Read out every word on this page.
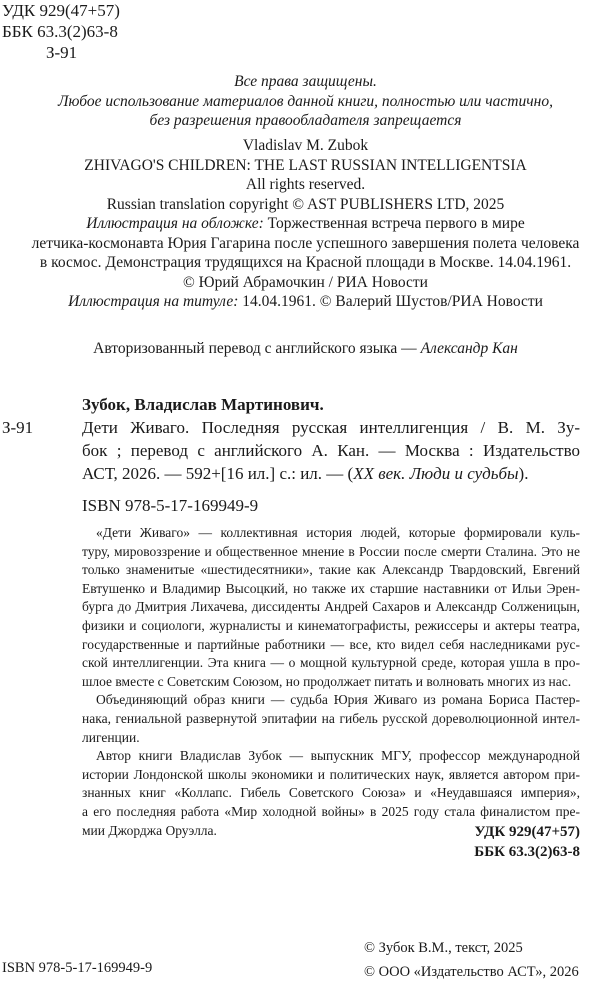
УДК 929(47+57)
ББК 63.3(2)63-8
З-91
Все права защищены.
Любое использование материалов данной книги, полностью или частично,
без разрешения правообладателя запрещается
Vladislav M. Zubok
ZHIVAGO'S CHILDREN: THE LAST RUSSIAN INTELLIGENTSIA
All rights reserved.
Russian translation copyright © AST PUBLISHERS LTD, 2025
Иллюстрация на обложке: Торжественная встреча первого в мире
летчика-космонавта Юрия Гагарина после успешного завершения полета человека
в космос. Демонстрация трудящихся на Красной площади в Москве. 14.04.1961.
© Юрий Абрамочкин / РИА Новости
Иллюстрация на титуле: 14.04.1961. © Валерий Шустов/РИА Новости
Авторизованный перевод с английского языка — Александр Кан
Зубок, Владислав Мартинович.
З-91	Дети Живаго. Последняя русская интеллигенция / В. М. Зу-
бок ; перевод с английского А. Кан. — Москва : Издательство
АСТ, 2026. — 592+[16 ил.] с.: ил. — (XX век. Люди и судьбы).
ISBN 978-5-17-169949-9
«Дети Живаго» — коллективная история людей, которые формировали куль-
туру, мировоззрение и общественное мнение в России после смерти Сталина. Это не
только знаменитые «шестидесятники», такие как Александр Твардовский, Евгений
Евтушенко и Владимир Высоцкий, но также их старшие наставники от Ильи Эрен-
бурга до Дмитрия Лихачева, диссиденты Андрей Сахаров и Александр Солженицын,
физики и социологи, журналисты и кинематографисты, режиссеры и актеры театра,
государственные и партийные работники — все, кто видел себя наследниками рус-
ской интеллигенции. Эта книга — о мощной культурной среде, которая ушла в про-
шлое вместе с Советским Союзом, но продолжает питать и волновать многих из нас.
Объединяющий образ книги — судьба Юрия Живаго из романа Бориса Пастер-
нака, гениальной развернутой эпитафии на гибель русской дореволюционной интел-
лигенции.
Автор книги Владислав Зубок — выпускник МГУ, профессор международной
истории Лондонской школы экономики и политических наук, является автором при-
знанных книг «Коллапс. Гибель Советского Союза» и «Неудавшаяся империя»,
а его последняя работа «Мир холодной войны» в 2025 году стала финалистом пре-
мии Джорджа Оруэлла.	УДК 929(47+57)
ББК 63.3(2)63-8
ISBN 978-5-17-169949-9
© Зубок В.М., текст, 2025
© ООО «Издательство АСТ», 2026
